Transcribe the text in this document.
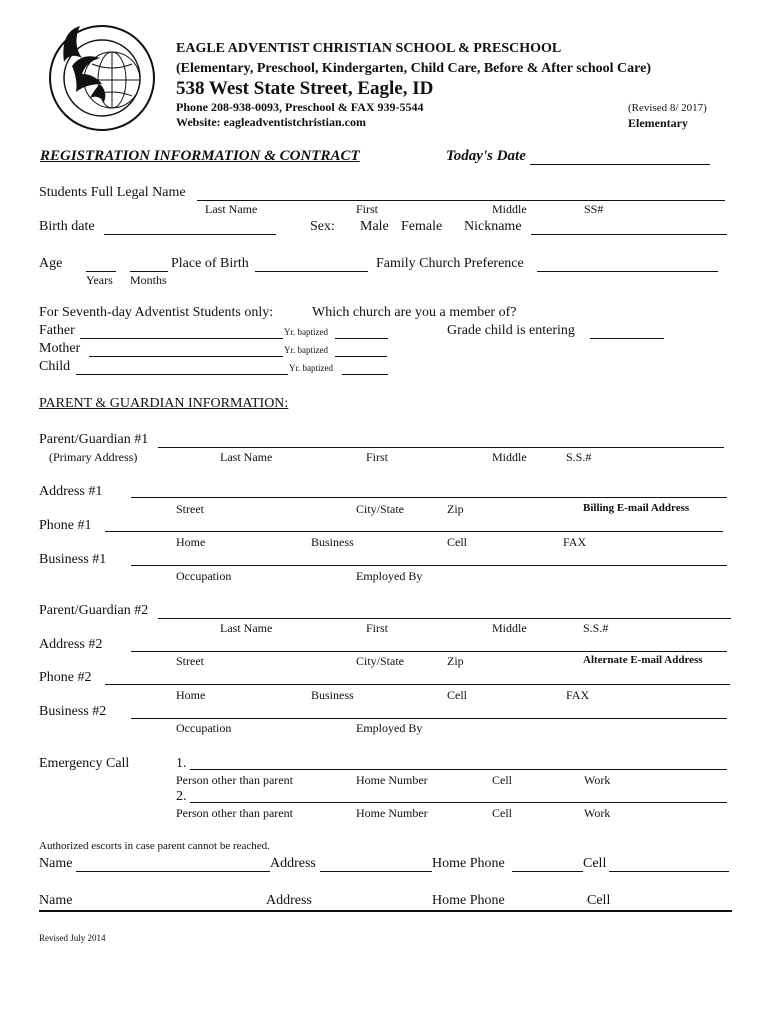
EAGLE ADVENTIST CHRISTIAN SCHOOL & PRESCHOOL
(Elementary, Preschool, Kindergarten, Child Care, Before & After school Care)
538 West State Street, Eagle, ID
Phone 208-938-0093, Preschool & FAX 939-5544
Website: eagleadventistchristian.com
(Revised 8/ 2017)
Elementary
REGISTRATION INFORMATION & CONTRACT	Today's Date
Students Full Legal Name
Last Name	First	Middle	SS#
Birth date	Sex: Male Female Nickname
Age
Years Months
Place of Birth	Family Church Preference
For Seventh-day Adventist Students only:	Which church are you a member of?
Father	Yr. baptized	Grade child is entering
Mother	Yr. baptized
Child	Yr. baptized
PARENT & GUARDIAN INFORMATION:
Parent/Guardian #1
(Primary Address)	Last Name	First	Middle	S.S.#
Address #1
Street	City/State	Zip	Billing E-mail Address
Phone #1
Home	Business	Cell	FAX
Business #1
Occupation	Employed By
Parent/Guardian #2
Last Name	First	Middle	S.S.#
Address #2
Street	City/State	Zip	Alternate E-mail Address
Phone #2
Home	Business	Cell	FAX
Business #2
Occupation	Employed By
Emergency Call	1.
Person other than parent	Home Number	Cell	Work
2.
Person other than parent	Home Number	Cell	Work
Authorized escorts in case parent cannot be reached.
Name	Address	Home Phone	Cell
Name	Address	Home Phone	Cell
Revised July 2014
